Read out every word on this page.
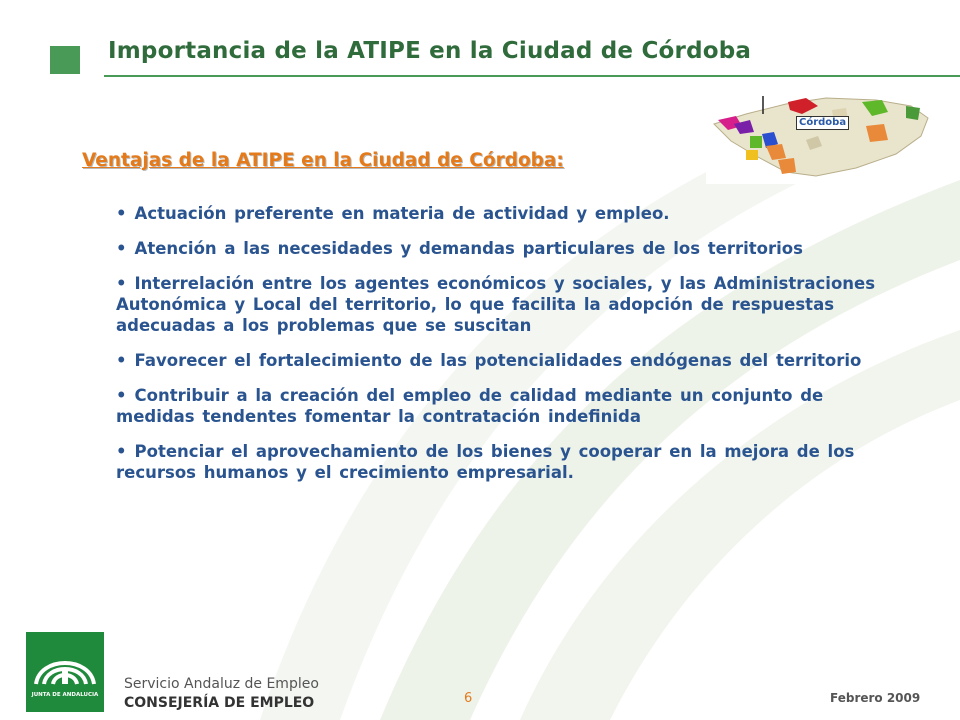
Importancia de la ATIPE en la Ciudad de Córdoba
Córdoba
Ventajas de la ATIPE en la Ciudad de Córdoba:
• Actuación preferente en materia de actividad y empleo.
• Atención a las necesidades y demandas particulares de los territorios
• Interrelación entre los agentes económicos y sociales, y las Administraciones Autonómica y Local del territorio, lo que facilita la adopción de respuestas adecuadas a los problemas que se suscitan
• Favorecer el fortalecimiento de las potencialidades endógenas del territorio
• Contribuir a la creación del empleo de calidad mediante un conjunto de medidas tendentes fomentar la contratación indefinida
• Potenciar el aprovechamiento de los bienes y cooperar en la mejora de los recursos humanos y el crecimiento empresarial.
JUNTA DE ANDALUCIA
Servicio Andaluz de Empleo
CONSEJERÍA DE EMPLEO	6	Febrero 2009
